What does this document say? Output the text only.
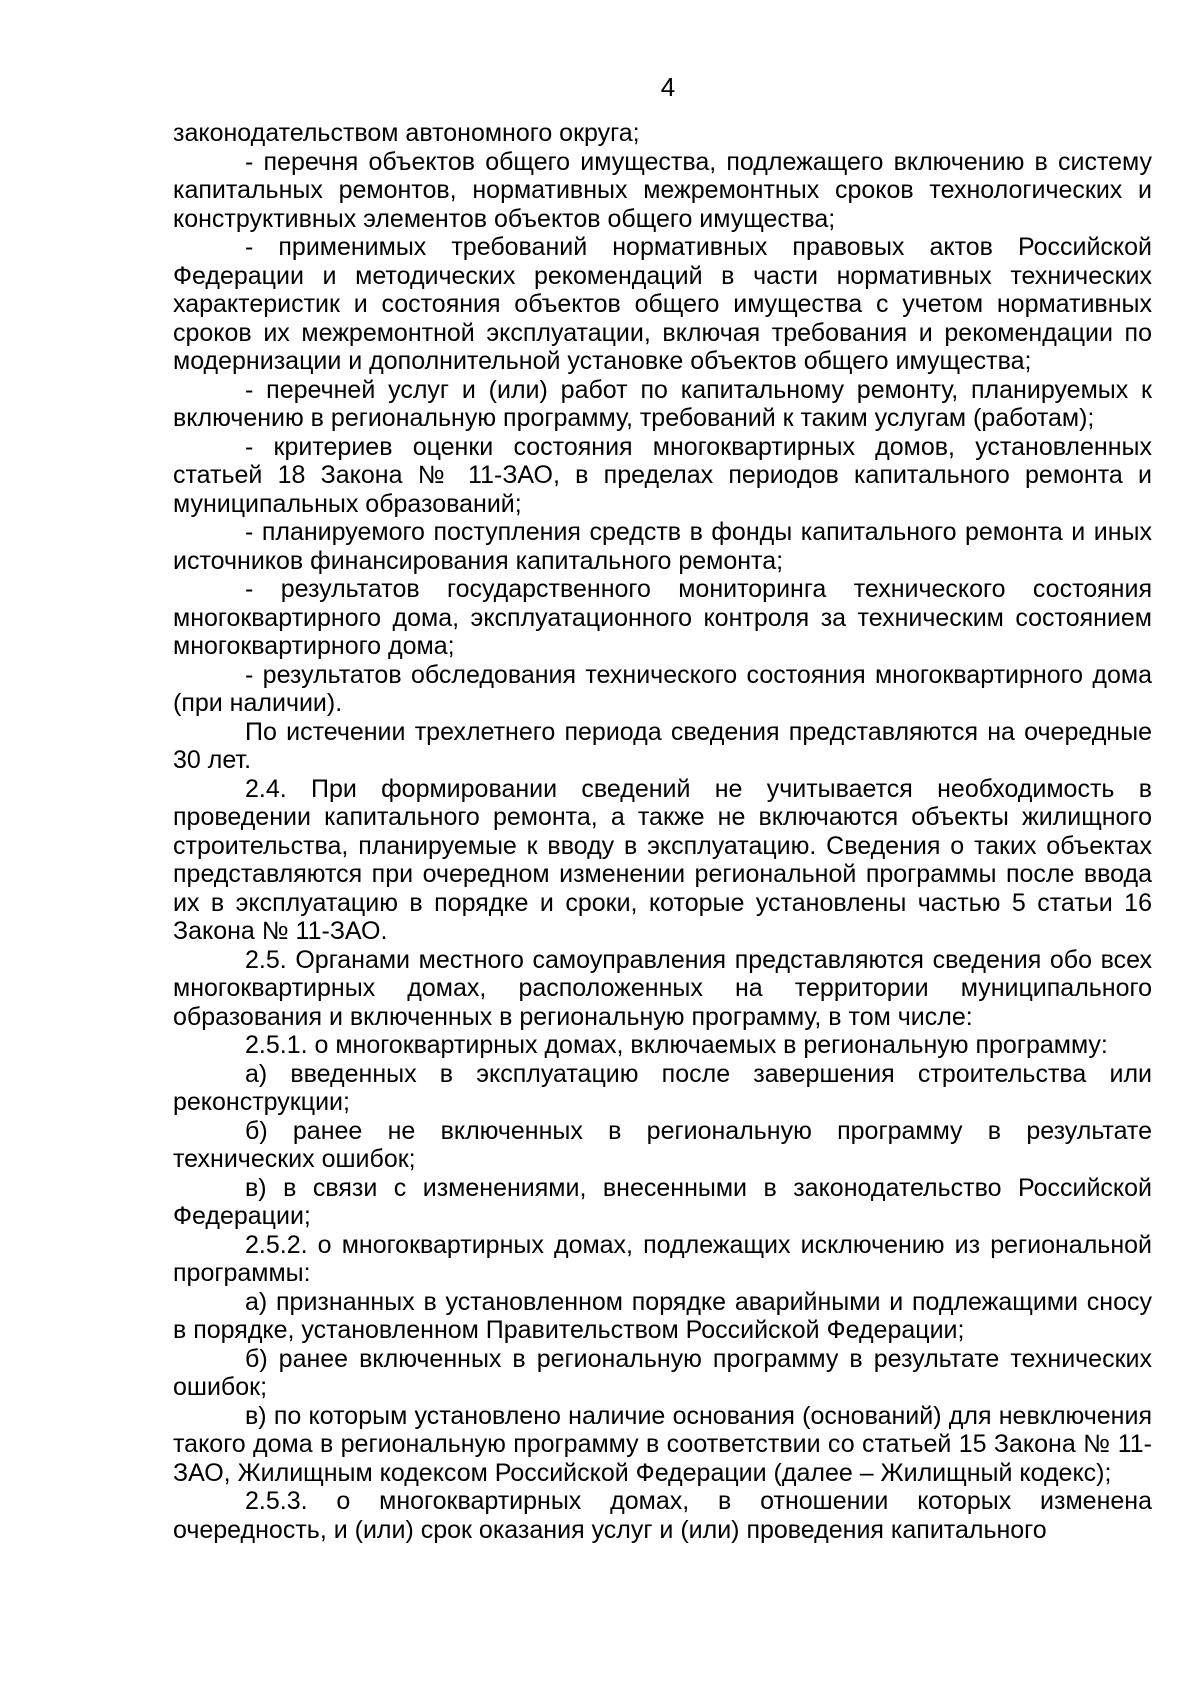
4

законодательством автономного округа;

- перечня объектов общего имущества, подлежащего включению в систему капитальных ремонтов, нормативных межремонтных сроков технологических и конструктивных элементов объектов общего имущества;

- применимых требований нормативных правовых актов Российской Федерации и методических рекомендаций в части нормативных технических характеристик и состояния объектов общего имущества с учетом нормативных сроков их межремонтной эксплуатации, включая требования и рекомендации по модернизации и дополнительной установке объектов общего имущества;

- перечней услуг и (или) работ по капитальному ремонту, планируемых к включению в региональную программу, требований к таким услугам (работам);

- критериев оценки состояния многоквартирных домов, установленных статьей 18 Закона № 11-ЗАО, в пределах периодов капитального ремонта и муниципальных образований;

- планируемого поступления средств в фонды капитального ремонта и иных источников финансирования капитального ремонта;

- результатов государственного мониторинга технического состояния многоквартирного дома, эксплуатационного контроля за техническим состоянием многоквартирного дома;

- результатов обследования технического состояния многоквартирного дома (при наличии).

По истечении трехлетнего периода сведения представляются на очередные 30 лет.

2.4. При формировании сведений не учитывается необходимость в проведении капитального ремонта, а также не включаются объекты жилищного строительства, планируемые к вводу в эксплуатацию. Сведения о таких объектах представляются при очередном изменении региональной программы после ввода их в эксплуатацию в порядке и сроки, которые установлены частью 5 статьи 16 Закона № 11-ЗАО.

2.5. Органами местного самоуправления представляются сведения обо всех многоквартирных домах, расположенных на территории муниципального образования и включенных в региональную программу, в том числе:

2.5.1. о многоквартирных домах, включаемых в региональную программу:

а) введенных в эксплуатацию после завершения строительства или реконструкции;

б) ранее не включенных в региональную программу в результате технических ошибок;

в) в связи с изменениями, внесенными в законодательство Российской Федерации;

2.5.2. о многоквартирных домах, подлежащих исключению из региональной программы:

а) признанных в установленном порядке аварийными и подлежащими сносу в порядке, установленном Правительством Российской Федерации;

б) ранее включенных в региональную программу в результате технических ошибок;

в) по которым установлено наличие основания (оснований) для невключения такого дома в региональную программу в соответствии со статьей 15 Закона № 11-ЗАО, Жилищным кодексом Российской Федерации (далее – Жилищный кодекс);

2.5.3. о многоквартирных домах, в отношении которых изменена очередность, и (или) срок оказания услуг и (или) проведения капитального
